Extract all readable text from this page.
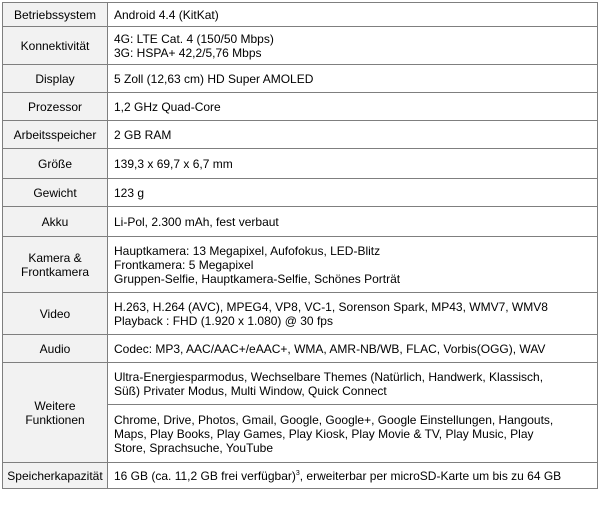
Betriebssystem	Android 4.4 (KitKat)

Konnektivität	4G: LTE Cat. 4 (150/50 Mbps)
3G: HSPA+ 42,2/5,76 Mbps

Display	5 Zoll (12,63 cm) HD Super AMOLED

Prozessor	1,2 GHz Quad-Core

Arbeitsspeicher	2 GB RAM

Größe	139,3 x 69,7 x 6,7 mm

Gewicht	123 g

Akku	Li-Pol, 2.300 mAh, fest verbaut

Kamera &
Frontkamera	Hauptkamera: 13 Megapixel, Aufofokus, LED-Blitz
Frontkamera: 5 Megapixel
Gruppen-Selfie, Hauptkamera-Selfie, Schönes Porträt

Video	H.263, H.264 (AVC), MPEG4, VP8, VC-1, Sorenson Spark, MP43, WMV7, WMV8
Playback : FHD (1.920 x 1.080) @ 30 fps

Audio	Codec: MP3, AAC/AAC+/eAAC+, WMA, AMR-NB/WB, FLAC, Vorbis(OGG), WAV

Weitere
Funktionen	Ultra-Energiesparmodus, Wechselbare Themes (Natürlich, Handwerk, Klassisch,
Süß) Privater Modus, Multi Window, Quick Connect

	Chrome, Drive, Photos, Gmail, Google, Google+, Google Einstellungen, Hangouts,
Maps, Play Books, Play Games, Play Kiosk, Play Movie & TV, Play Music, Play
Store, Sprachsuche, YouTube

Speicherkapazität	16 GB (ca. 11,2 GB frei verfügbar)$^3$, erweiterbar per microSD-Karte um bis zu 64 GB
